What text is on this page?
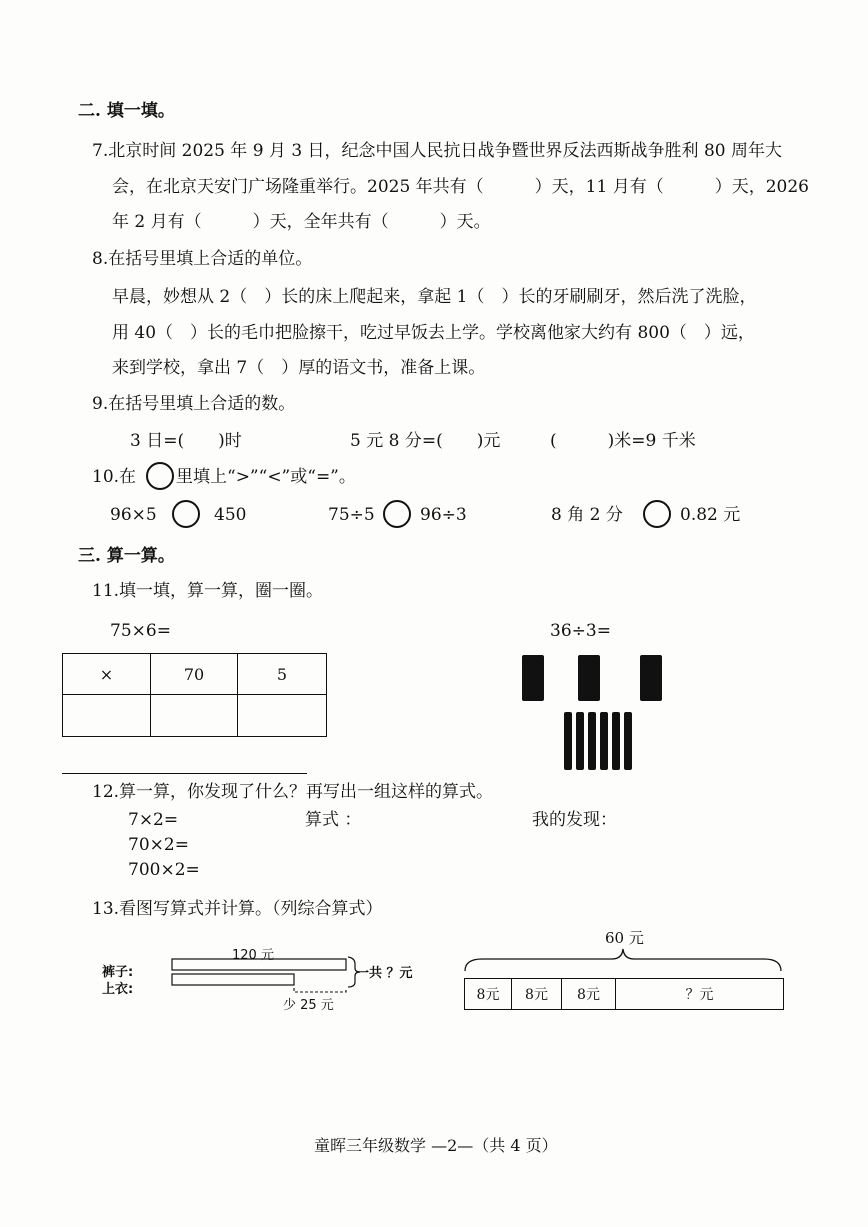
二. 填一填。
7.北京时间 2025 年 9 月 3 日，纪念中国人民抗日战争暨世界反法西斯战争胜利 80 周年大
会，在北京天安门广场隆重举行。2025 年共有（　　　）天，11 月有（　　　）天，2026
年 2 月有（　　　）天，全年共有（　　　）天。
8.在括号里填上合适的单位。
早晨，妙想从 2（　）长的床上爬起来，拿起 1（　）长的牙刷刷牙，然后洗了洗脸，
用 40（　）长的毛巾把脸擦干，吃过早饭去上学。学校离他家大约有 800（　）远，
来到学校，拿出 7（　）厚的语文书，准备上课。
9.在括号里填上合适的数。
3 日=(　　)时	5 元 8 分=(　　)元	(　　　)米=9 千米
10.在 里填上“>”“<”或“=”。
96×5	450	75÷5	96÷3	8 角 2 分	0.82 元
三. 算一算。
11.填一填，算一算，圈一圈。
75×6=	36÷3=
×	70	5
12.算一算，你发现了什么？再写出一组这样的算式。
7×2=	算式 ：	我的发现：
70×2=
700×2=
13.看图写算式并计算。（列综合算式）
120 元
裤子:
上衣:
一共 ？元
少 25 元
60 元
8元	8元	8元	？元
童晖三年级数学 —2—（共 4 页）
